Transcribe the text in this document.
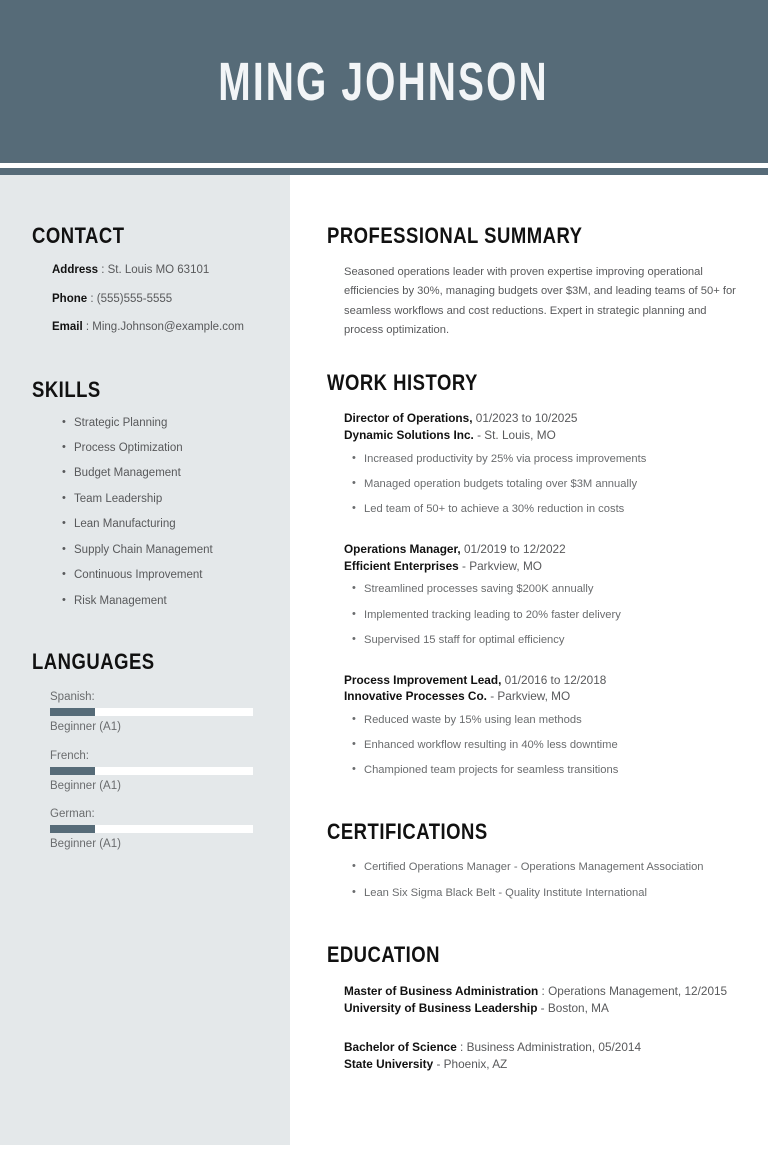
MING JOHNSON
CONTACT
Address : St. Louis MO 63101
Phone : (555)555-5555
Email : Ming.Johnson@example.com
SKILLS
• Strategic Planning
• Process Optimization
• Budget Management
• Team Leadership
• Lean Manufacturing
• Supply Chain Management
• Continuous Improvement
• Risk Management
LANGUAGES
Spanish:
Beginner (A1)
French:
Beginner (A1)
German:
Beginner (A1)
PROFESSIONAL SUMMARY

Seasoned operations leader with proven expertise improving operational efficiencies by 30%, managing budgets over $3M, and leading teams of 50+ for seamless workflows and cost reductions. Expert in strategic planning and process optimization.

WORK HISTORY
Director of Operations, 01/2023 to 10/2025
Dynamic Solutions Inc. - St. Louis, MO
• Increased productivity by 25% via process improvements
• Managed operation budgets totaling over $3M annually
• Led team of 50+ to achieve a 30% reduction in costs
Operations Manager, 01/2019 to 12/2022
Efficient Enterprises - Parkview, MO
• Streamlined processes saving $200K annually
• Implemented tracking leading to 20% faster delivery
• Supervised 15 staff for optimal efficiency
Process Improvement Lead, 01/2016 to 12/2018
Innovative Processes Co. - Parkview, MO
• Reduced waste by 15% using lean methods
• Enhanced workflow resulting in 40% less downtime
• Championed team projects for seamless transitions
CERTIFICATIONS
• Certified Operations Manager - Operations Management Association
• Lean Six Sigma Black Belt - Quality Institute International
EDUCATION
Master of Business Administration : Operations Management, 12/2015
University of Business Leadership - Boston, MA
Bachelor of Science : Business Administration, 05/2014
State University - Phoenix, AZ
